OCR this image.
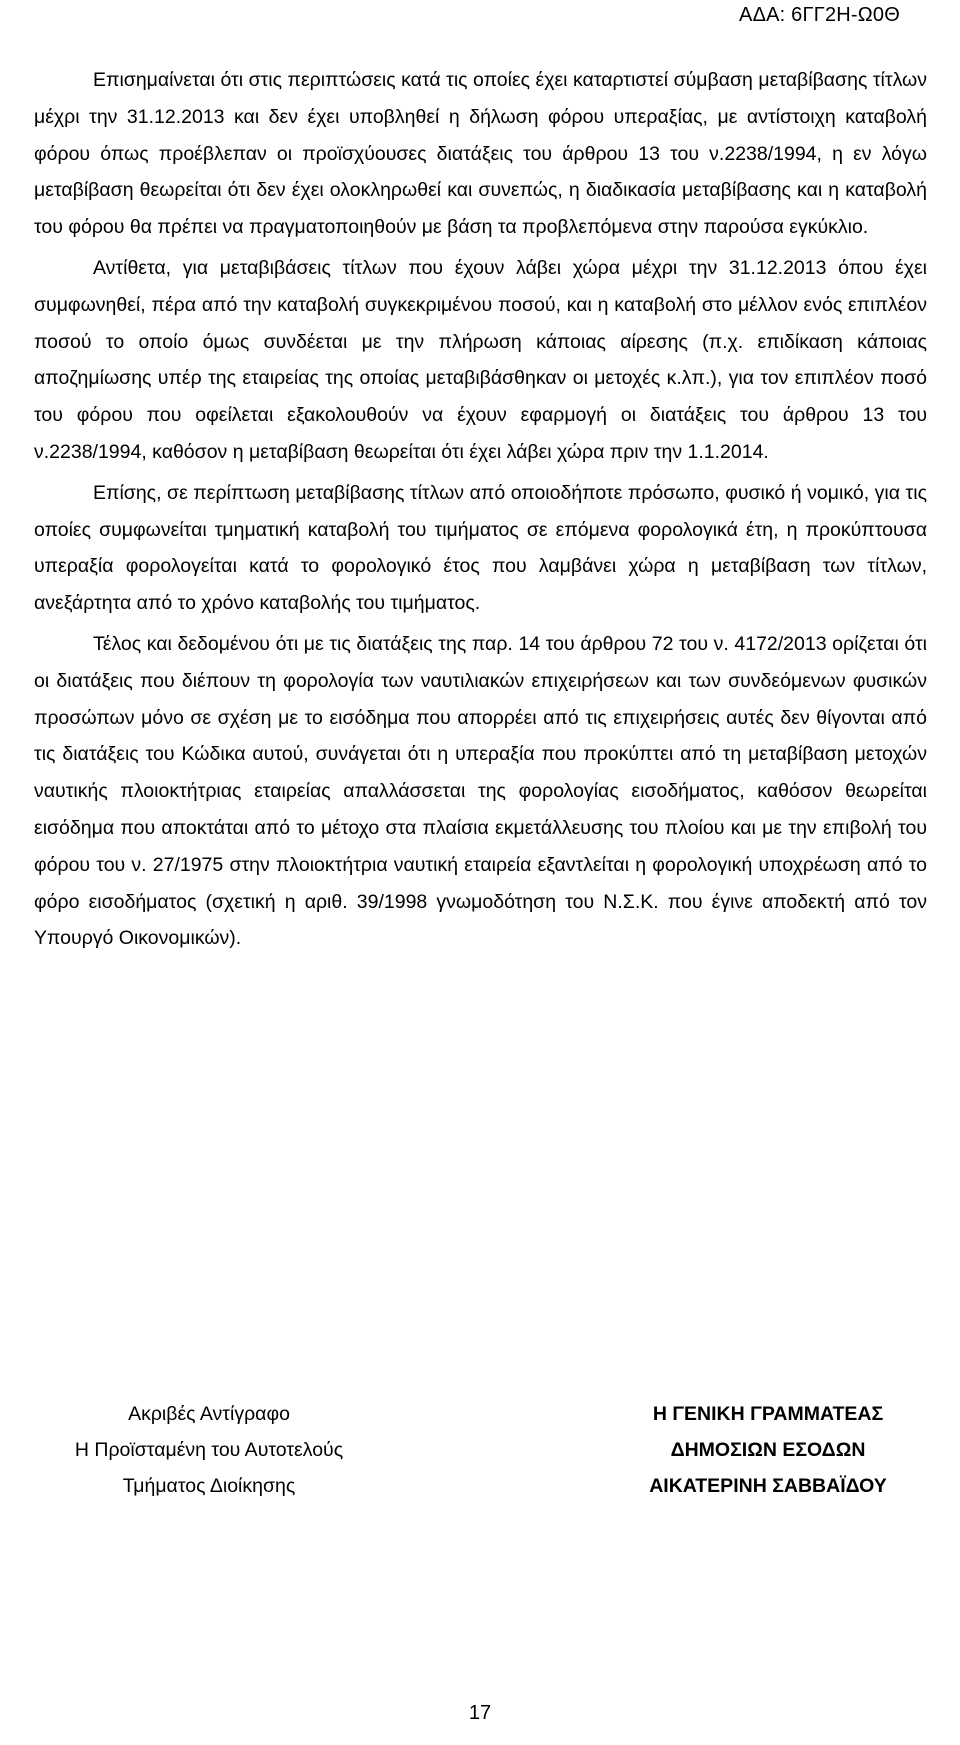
ΑΔΑ: 6ΓΓ2Η-Ω0Θ

Επισημαίνεται ότι στις περιπτώσεις κατά τις οποίες έχει καταρτιστεί σύμβαση μεταβίβασης τίτλων μέχρι την 31.12.2013 και δεν έχει υποβληθεί η δήλωση φόρου υπεραξίας, με αντίστοιχη καταβολή φόρου όπως προέβλεπαν οι προϊσχύουσες διατάξεις του άρθρου 13 του ν.2238/1994, η εν λόγω μεταβίβαση θεωρείται ότι δεν έχει ολοκληρωθεί και συνεπώς, η διαδικασία μεταβίβασης και η καταβολή του φόρου θα πρέπει να πραγματοποιηθούν με βάση τα προβλεπόμενα στην παρούσα εγκύκλιο.

Αντίθετα, για μεταβιβάσεις τίτλων που έχουν λάβει χώρα μέχρι την 31.12.2013 όπου έχει συμφωνηθεί, πέρα από την καταβολή συγκεκριμένου ποσού, και η καταβολή στο μέλλον ενός επιπλέον ποσού το οποίο όμως συνδέεται με την πλήρωση κάποιας αίρεσης (π.χ. επιδίκαση κάποιας αποζημίωσης υπέρ της εταιρείας της οποίας μεταβιβάσθηκαν οι μετοχές κ.λπ.), για τον επιπλέον ποσό του φόρου που οφείλεται εξακολουθούν να έχουν εφαρμογή οι διατάξεις του άρθρου 13 του ν.2238/1994, καθόσον η μεταβίβαση θεωρείται ότι έχει λάβει χώρα πριν την 1.1.2014.

Επίσης, σε περίπτωση μεταβίβασης τίτλων από οποιοδήποτε πρόσωπο, φυσικό ή νομικό, για τις οποίες συμφωνείται τμηματική καταβολή του τιμήματος σε επόμενα φορολογικά έτη, η προκύπτουσα υπεραξία φορολογείται κατά το φορολογικό έτος που λαμβάνει χώρα η μεταβίβαση των τίτλων, ανεξάρτητα από το χρόνο καταβολής του τιμήματος.

Τέλος και δεδομένου ότι με τις διατάξεις της παρ. 14 του άρθρου 72 του ν. 4172/2013 ορίζεται ότι οι διατάξεις που διέπουν τη φορολογία των ναυτιλιακών επιχειρήσεων και των συνδεόμενων φυσικών προσώπων μόνο σε σχέση με το εισόδημα που απορρέει από τις επιχειρήσεις αυτές δεν θίγονται από τις διατάξεις του Κώδικα αυτού, συνάγεται ότι η υπεραξία που προκύπτει από τη μεταβίβαση μετοχών ναυτικής πλοιοκτήτριας εταιρείας απαλλάσσεται της φορολογίας εισοδήματος, καθόσον θεωρείται εισόδημα που αποκτάται από το μέτοχο στα πλαίσια εκμετάλλευσης του πλοίου και με την επιβολή του φόρου του ν. 27/1975 στην πλοιοκτήτρια ναυτική εταιρεία εξαντλείται η φορολογική υποχρέωση από το φόρο εισοδήματος (σχετική η αριθ. 39/1998 γνωμοδότηση του Ν.Σ.Κ. που έγινε αποδεκτή από τον Υπουργό Οικονομικών).

Ακριβές Αντίγραφο
Η Προϊσταμένη του Αυτοτελούς
Τμήματος Διοίκησης
Η ΓΕΝΙΚΗ ΓΡΑΜΜΑΤΕΑΣ
ΔΗΜΟΣΙΩΝ ΕΣΟΔΩΝ
ΑΙΚΑΤΕΡΙΝΗ ΣΑΒΒΑΪΔΟΥ
17
